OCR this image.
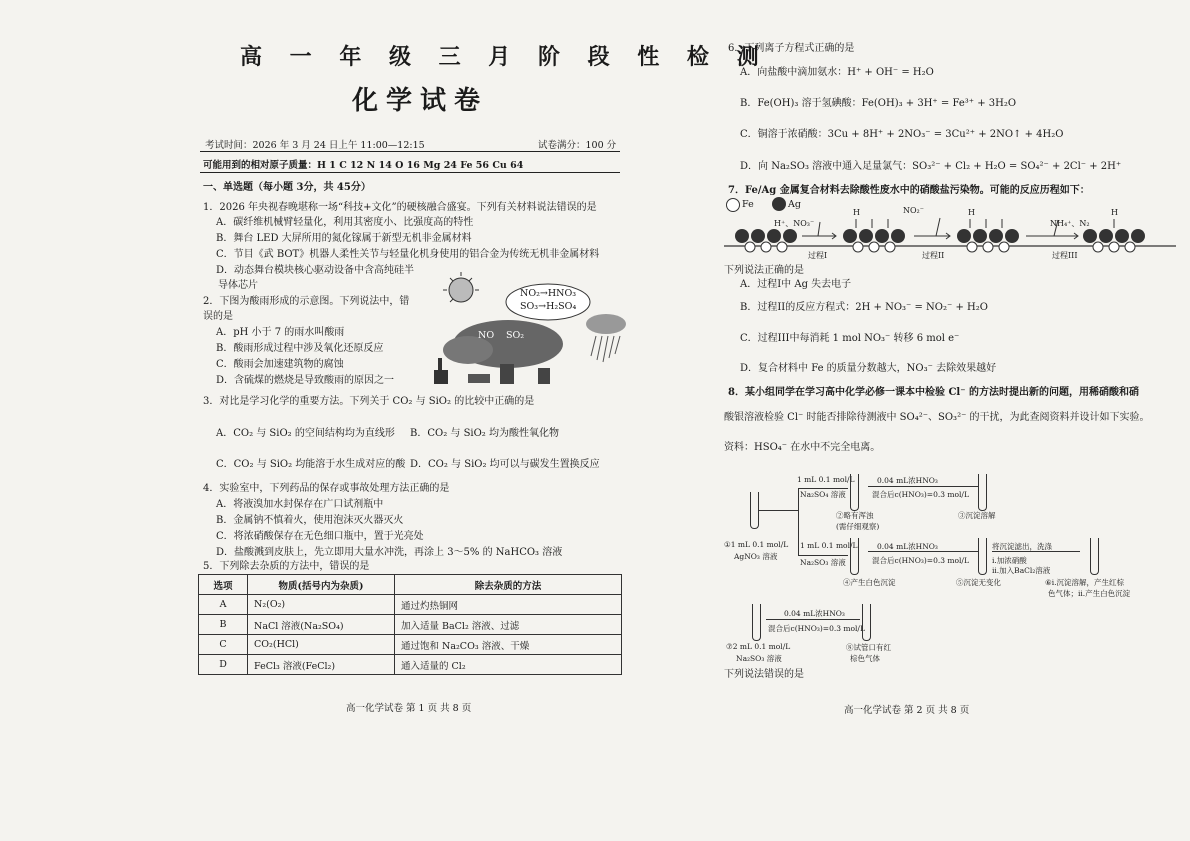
高 一 年 级 三 月 阶 段 性 检 测
化学试卷
考试时间：2026 年 3 月 24 日上午 11:00—12:15	试卷满分：100 分
可能用到的相对原子质量：H 1 C 12 N 14 O 16 Mg 24 Fe 56 Cu 64
一、单选题（每小题 3分，共 45分）
1．2026 年央视春晚堪称一场“科技+文化”的硬核融合盛宴。下列有关材料说法错误的是
A．碳纤维机械臂轻量化，利用其密度小、比强度高的特性
B．舞台 LED 大屏所用的氮化镓属于新型无机非金属材料
C．节目《武 BOT》机器人柔性关节与轻量化机身使用的铝合金为传统无机非金属材料
D．动态舞台模块核心驱动设备中含高纯硅半
导体芯片
2．下图为酸雨形成的示意图。下列说法中，错
误的是
A．pH 小于 7 的雨水叫酸雨
B．酸雨形成过程中涉及氧化还原反应
C．酸雨会加速建筑物的腐蚀
D．含硫煤的燃烧是导致酸雨的原因之一
NO₂→HNO₃
SO₃→H₂SO₄
NO SO₂
3．对比是学习化学的重要方法。下列关于 CO₂ 与 SiO₂ 的比较中正确的是
A．CO₂ 与 SiO₂ 的空间结构均为直线形 B．CO₂ 与 SiO₂ 均为酸性氧化物
C．CO₂ 与 SiO₂ 均能溶于水生成对应的酸 D．CO₂ 与 SiO₂ 均可以与碳发生置换反应
4．实验室中，下列药品的保存或事故处理方法正确的是
A．将液溴加水封保存在广口试剂瓶中
B．金属钠不慎着火，使用泡沫灭火器灭火
C．将浓硝酸保存在无色细口瓶中，置于光亮处
D．盐酸溅到皮肤上，先立即用大量水冲洗，再涂上 3～5% 的 NaHCO₃ 溶液
5．下列除去杂质的方法中，错误的是
选项	物质(括号内为杂质)	除去杂质的方法
A	N₂(O₂)	通过灼热铜网
B	NaCl 溶液(Na₂SO₄)	加入适量 BaCl₂ 溶液、过滤
C	CO₂(HCl)	通过饱和 Na₂CO₃ 溶液、干燥
D	FeCl₃ 溶液(FeCl₂)	通入适量的 Cl₂
高一化学试卷 第 1 页 共 8 页
6．下列离子方程式正确的是
A．向盐酸中滴加氨水：H⁺ + OH⁻ = H₂O
B．Fe(OH)₃ 溶于氢碘酸：Fe(OH)₃ + 3H⁺ = Fe³⁺ + 3H₂O
C．铜溶于浓硝酸：3Cu + 8H⁺ + 2NO₃⁻ = 3Cu²⁺ + 2NO↑ + 4H₂O
D．向 Na₂SO₃ 溶液中通入足量氯气：SO₃²⁻ + Cl₂ + H₂O = SO₄²⁻ + 2Cl⁻ + 2H⁺
7．Fe/Ag 金属复合材料去除酸性废水中的硝酸盐污染物。可能的反应历程如下：
Fe	Ag
H⁺、NO₃⁻
NO₂⁻
NH₄⁺、N₂
H	H	H
过程I	过程II	过程III
下列说法正确的是
A．过程I中 Ag 失去电子
B．过程II的反应方程式：2H + NO₃⁻ = NO₂⁻ + H₂O
C．过程III中每消耗 1 mol NO₃⁻ 转移 6 mol e⁻
D．复合材料中 Fe 的质量分数越大，NO₃⁻ 去除效果越好
8．某小组同学在学习高中化学必修一课本中检验 Cl⁻ 的方法时提出新的问题，用稀硝酸和硝
酸银溶液检验 Cl⁻ 时能否排除待测液中 SO₄²⁻、SO₃²⁻ 的干扰，为此查阅资料并设计如下实验。
资料：HSO₄⁻ 在水中不完全电离。
1 mL 0.1 mol/L
Na₂SO₄ 溶液
0.04 mL浓HNO₃
混合后c(HNO₃)=0.3 mol/L
②略有浑浊
(需仔细观察)
③沉淀溶解
①1 mL 0.1 mol/L
AgNO₃ 溶液
1 mL 0.1 mol/L
Na₂SO₃ 溶液
0.04 mL浓HNO₃
混合后c(HNO₃)=0.3 mol/L
将沉淀滤出，洗涤
i.加浓硝酸
ii.加入BaCl₂溶液
④产生白色沉淀	⑤沉淀无变化	⑥i.沉淀溶解，产生红棕
色气体；ii.产生白色沉淀
0.04 mL浓HNO₃
混合后c(HNO₃)=0.3 mol/L
⑦2 mL 0.1 mol/L
Na₂SO₃ 溶液
⑧试管口有红
棕色气体
下列说法错误的是
高一化学试卷 第 2 页 共 8 页
